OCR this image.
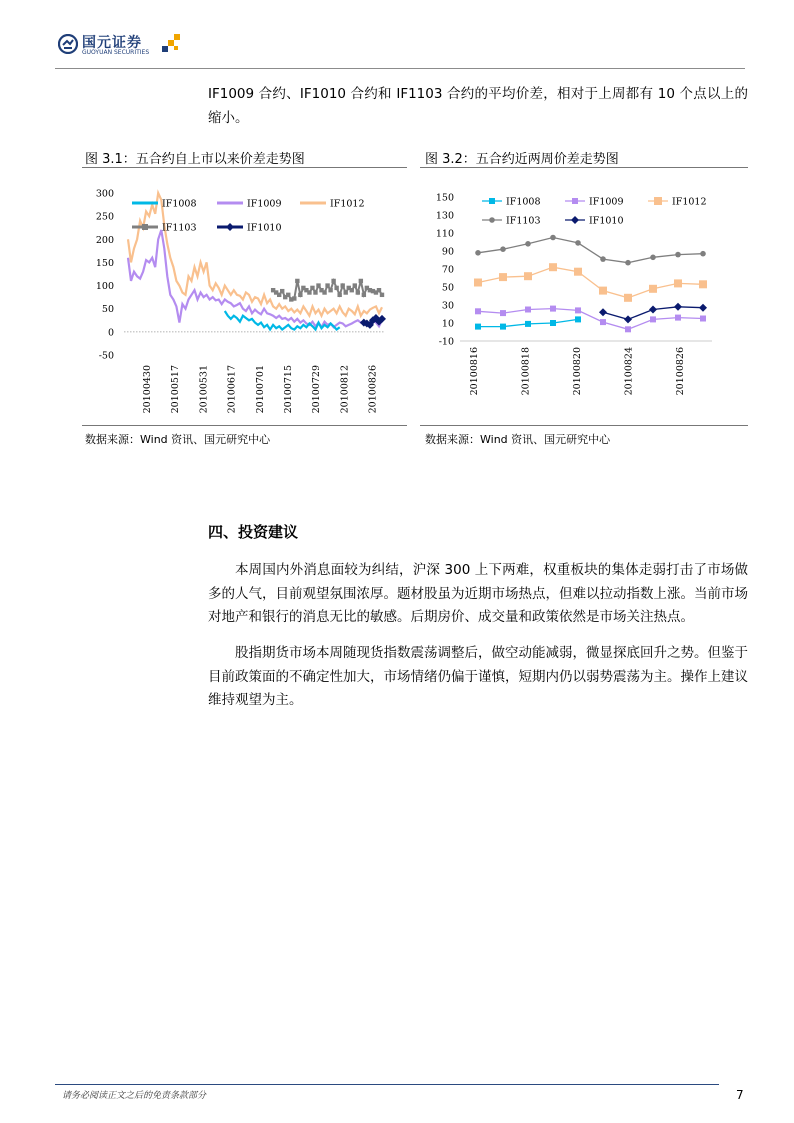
国元证券
GUOYUAN SECURITIES
IF1009 合约、IF1010 合约和 IF1103 合约的平均价差，相对于上周都有 10 个点以上的缩小。
图 3.1：五合约自上市以来价差走势图	图 3.2：五合约近两周价差走势图
300
250
200
150
100
50
0
-50
20100430 20100517 20100531 20100617 20100701 20100715 20100729 20100812 20100826
IF1008	IF1009	IF1012
IF1103	IF1010
150
130
110
90
70
50
30
10
-10
20100816	20100818	20100820	20100824	20100826
IF1008	IF1009	IF1012
IF1103	IF1010
数据来源：Wind 资讯、国元研究中心	数据来源：Wind 资讯、国元研究中心
四、投资建议
本周国内外消息面较为纠结，沪深 300 上下两难，权重板块的集体走弱打击了市场做多的人气，目前观望氛围浓厚。题材股虽为近期市场热点，但难以拉动指数上涨。当前市场对地产和银行的消息无比的敏感。后期房价、成交量和政策依然是市场关注热点。
股指期货市场本周随现货指数震荡调整后，做空动能减弱，微显探底回升之势。但鉴于目前政策面的不确定性加大，市场情绪仍偏于谨慎，短期内仍以弱势震荡为主。操作上建议维持观望为主。
请务必阅读正文之后的免责条款部分	7
